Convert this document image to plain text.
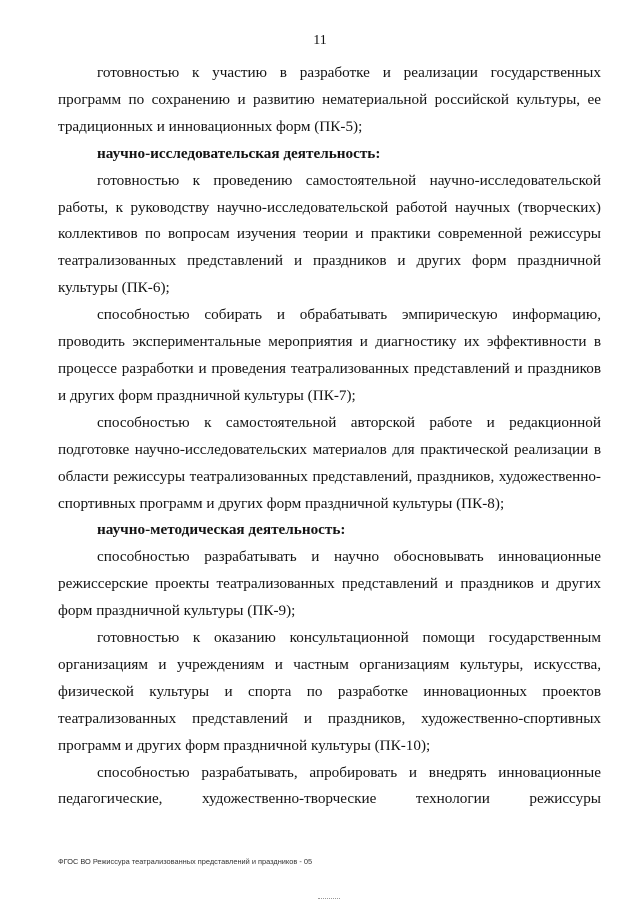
11

готовностью к участию в разработке и реализации государственных программ по сохранению и развитию нематериальной российской культуры, ее традиционных и инновационных форм (ПК-5);

научно-исследовательская деятельность:

готовностью к проведению самостоятельной научно-исследовательской работы, к руководству научно-исследовательской работой научных (творческих) коллективов по вопросам изучения теории и практики современной режиссуры театрализованных представлений и праздников и других форм праздничной культуры (ПК-6);

способностью собирать и обрабатывать эмпирическую информацию, проводить экспериментальные мероприятия и диагностику их эффективности в процессе разработки и проведения театрализованных представлений и праздников и других форм праздничной культуры (ПК-7);

способностью к самостоятельной авторской работе и редакционной подготовке научно-исследовательских материалов для практической реализации в области режиссуры театрализованных представлений, праздников, художественно-спортивных программ и других форм праздничной культуры (ПК-8);

научно-методическая деятельность:

способностью разрабатывать и научно обосновывать инновационные режиссерские проекты театрализованных представлений и праздников и других форм праздничной культуры (ПК-9);

готовностью к оказанию консультационной помощи государственным организациям и учреждениям и частным организациям культуры, искусства, физической культуры и спорта по разработке инновационных проектов театрализованных представлений и праздников, художественно-спортивных программ и других форм праздничной культуры (ПК-10);

способностью разрабатывать, апробировать и внедрять инновационные педагогические, художественно-творческие технологии режиссуры

ФГОС ВО Режиссура театрализованных представлений и праздников - 05
